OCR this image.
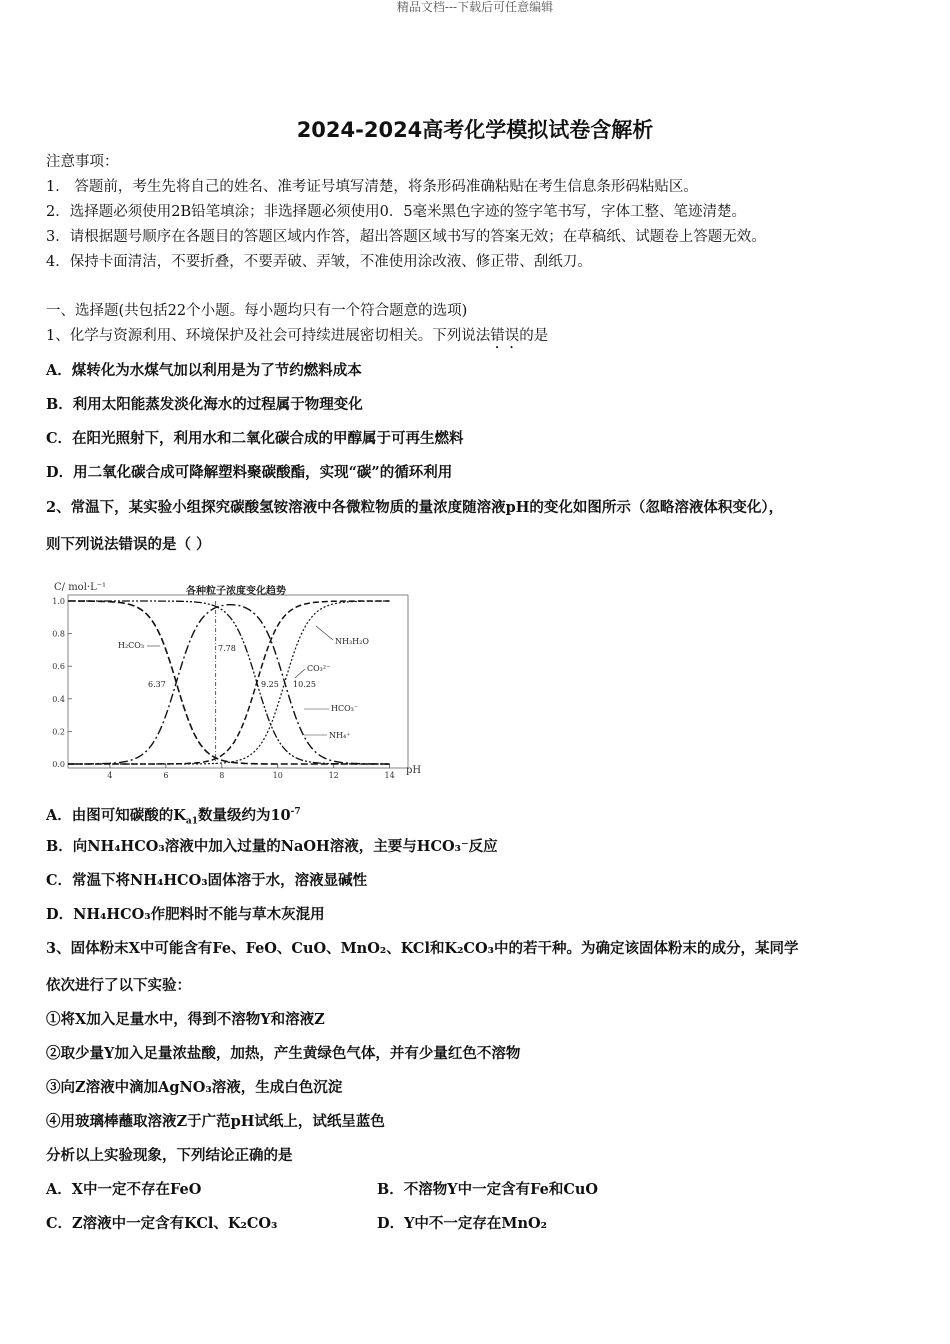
精品文档---下载后可任意编辑
2024-2024高考化学模拟试卷含解析
注意事项：
1． 答题前，考生先将自己的姓名、准考证号填写清楚，将条形码准确粘贴在考生信息条形码粘贴区。
2．选择题必须使用2B铅笔填涂；非选择题必须使用0．5毫米黑色字迹的签字笔书写，字体工整、笔迹清楚。
3．请根据题号顺序在各题目的答题区域内作答，超出答题区域书写的答案无效；在草稿纸、试题卷上答题无效。
4．保持卡面清洁，不要折叠，不要弄破、弄皱，不准使用涂改液、修正带、刮纸刀。
一、选择题(共包括22个小题。每小题均只有一个符合题意的选项)
1、化学与资源利用、环境保护及社会可持续进展密切相关。下列说法错误的是
A．煤转化为水煤气加以利用是为了节约燃料成本
B．利用太阳能蒸发淡化海水的过程属于物理变化
C．在阳光照射下，利用水和二氧化碳合成的甲醇属于可再生燃料
D．用二氧化碳合成可降解塑料聚碳酸酯，实现“碳”的循环利用
2、常温下，某实验小组探究碳酸氢铵溶液中各微粒物质的量浓度随溶液pH的变化如图所示（忽略溶液体积变化），
则下列说法错误的是（ ）
C/ mol·L⁻¹	各种粒子浓度变化趋势
pH
0.0
0.2
0.4
0.6
0.8
1.0
4	6	8	10	12	14
H₂CO₃	NH₃H₂O
CO₃²⁻
HCO₃⁻
NH₄⁺
6.37
7.78
9.25 10.25
A．由图可知碳酸的$K_{a1}$数量级约为$10^{-7}$
B．向NH₄HCO₃溶液中加入过量的NaOH溶液，主要与HCO₃⁻反应
C．常温下将NH₄HCO₃固体溶于水，溶液显碱性
D．NH₄HCO₃作肥料时不能与草木灰混用
3、固体粉末X中可能含有Fe、FeO、CuO、MnO₂、KCl和K₂CO₃中的若干种。为确定该固体粉末的成分，某同学
依次进行了以下实验：
①将X加入足量水中，得到不溶物Y和溶液Z
②取少量Y加入足量浓盐酸，加热，产生黄绿色气体，并有少量红色不溶物
③向Z溶液中滴加AgNO₃溶液，生成白色沉淀
④用玻璃棒蘸取溶液Z于广范pH试纸上，试纸呈蓝色
分析以上实验现象，下列结论正确的是
A．X中一定不存在FeO	B．不溶物Y中一定含有Fe和CuO
C．Z溶液中一定含有KCl、K₂CO₃	D．Y中不一定存在MnO₂
